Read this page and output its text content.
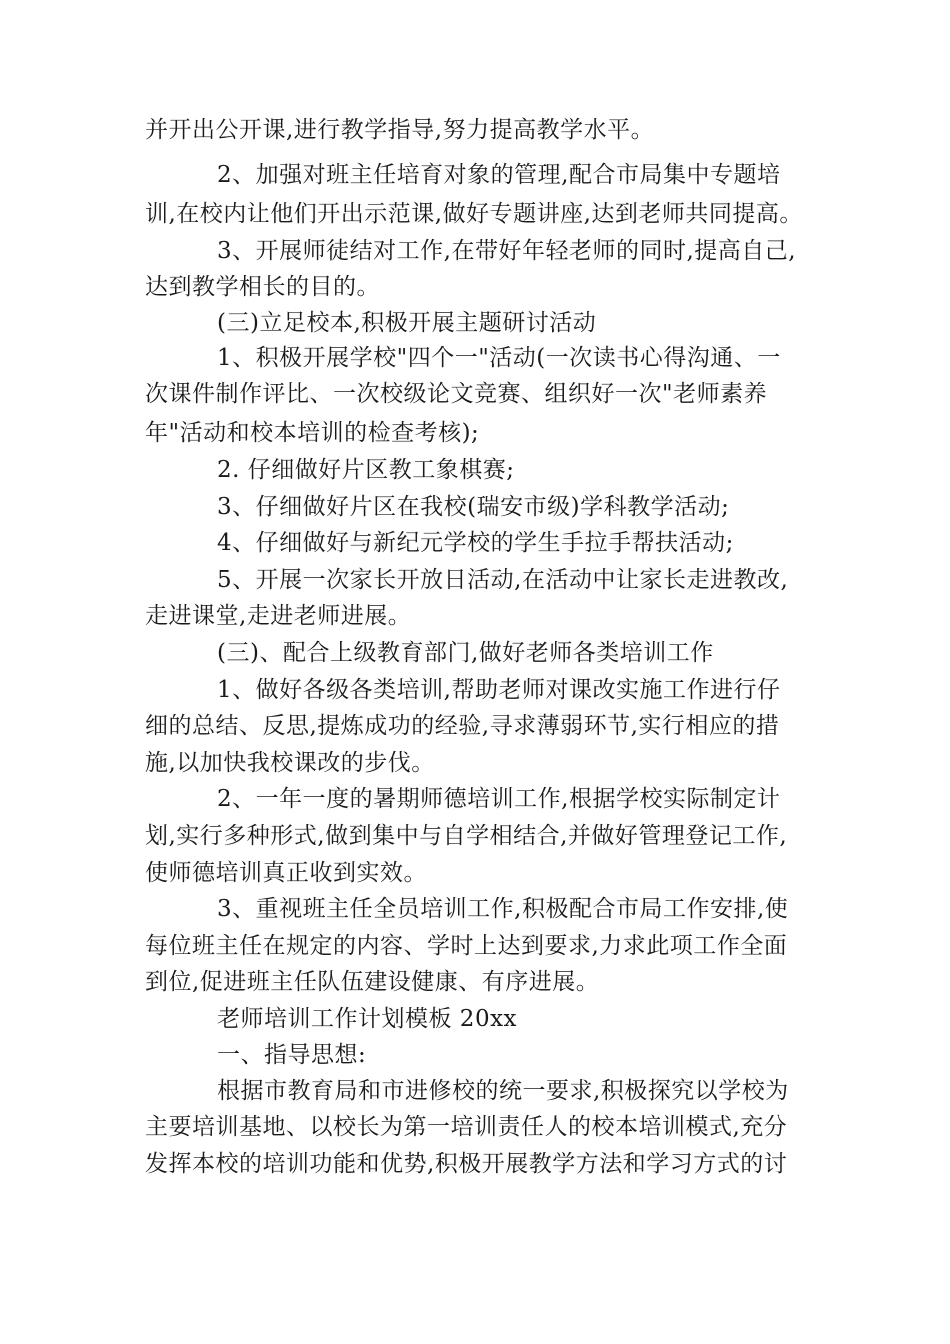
并开出公开课,进行教学指导,努力提高教学水平。
2、加强对班主任培育对象的管理,配合市局集中专题培
训,在校内让他们开出示范课,做好专题讲座,达到老师共同提高。
3、开展师徒结对工作,在带好年轻老师的同时,提高自己,
达到教学相长的目的。
(三)立足校本,积极开展主题研讨活动
1、积极开展学校"四个一"活动(一次读书心得沟通、一
次课件制作评比、一次校级论文竞赛、组织好一次"老师素养
年"活动和校本培训的检查考核);
2. 仔细做好片区教工象棋赛;
3、仔细做好片区在我校(瑞安市级)学科教学活动;
4、仔细做好与新纪元学校的学生手拉手帮扶活动;
5、开展一次家长开放日活动,在活动中让家长走进教改,
走进课堂,走进老师进展。
(三)、配合上级教育部门,做好老师各类培训工作
1、做好各级各类培训,帮助老师对课改实施工作进行仔
细的总结、反思,提炼成功的经验,寻求薄弱环节,实行相应的措
施,以加快我校课改的步伐。
2、一年一度的暑期师德培训工作,根据学校实际制定计
划,实行多种形式,做到集中与自学相结合,并做好管理登记工作,
使师德培训真正收到实效。
3、重视班主任全员培训工作,积极配合市局工作安排,使
每位班主任在规定的内容、学时上达到要求,力求此项工作全面
到位,促进班主任队伍建设健康、有序进展。
老师培训工作计划模板 20xx
一、指导思想:
根据市教育局和市进修校的统一要求,积极探究以学校为
主要培训基地、以校长为第一培训责任人的校本培训模式,充分
发挥本校的培训功能和优势,积极开展教学方法和学习方式的讨
